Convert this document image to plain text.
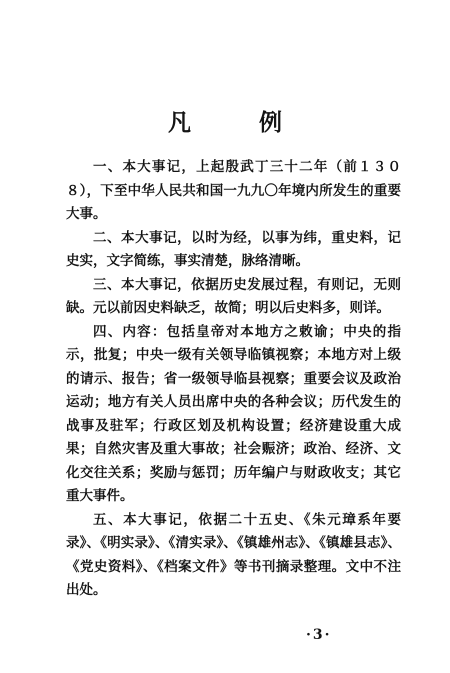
凡 例

一、本大事记，上起殷武丁三十二年（前１３０８），下至中华人民共和国一九九〇年境内所发生的重要大事。

二、本大事记，以时为经，以事为纬，重史料，记史实，文字简练，事实清楚，脉络清晰。

三、本大事记，依据历史发展过程，有则记，无则缺。元以前因史料缺乏，故简；明以后史料多，则详。

四、内容：包括皇帝对本地方之敕谕；中央的指示，批复；中央一级有关领导临镇视察；本地方对上级的请示、报告；省一级领导临县视察；重要会议及政治运动；地方有关人员出席中央的各种会议；历代发生的战事及驻军；行政区划及机构设置；经济建设重大成果；自然灾害及重大事故；社会赈济；政治、经济、文化交往关系；奖励与惩罚；历年编户与财政收支；其它重大事件。

五、本大事记，依据二十五史、《朱元璋系年要录》、《明实录》、《清实录》、《镇雄州志》、《镇雄县志》、《党史资料》、《档案文件》等书刊摘录整理。文中不注出处。

·3·
